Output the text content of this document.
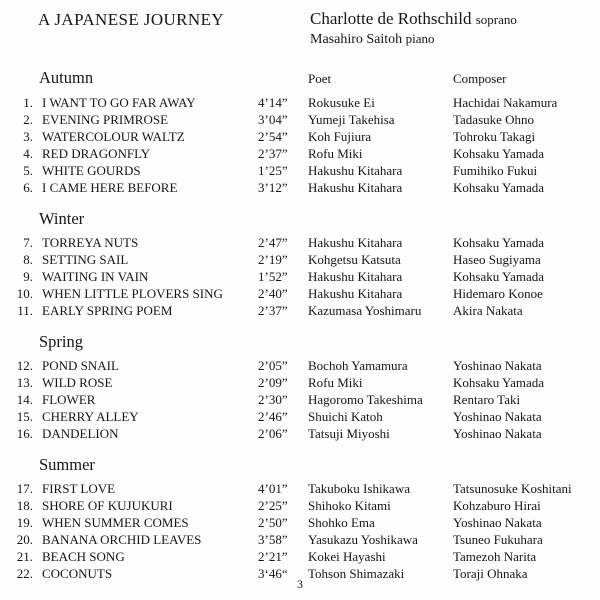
A JAPANESE JOURNEY	Charlotte de Rothschild soprano
Masahiro Saitoh piano
Autumn	Poet	Composer
1. I WANT TO GO FAR AWAY	4’14”	Rokusuke Ei	Hachidai Nakamura
2. EVENING PRIMROSE	3’04”	Yumeji Takehisa	Tadasuke Ohno
3. WATERCOLOUR WALTZ	2’54”	Koh Fujiura	Tohroku Takagi
4. RED DRAGONFLY	2’37”	Rofu Miki	Kohsaku Yamada
5. WHITE GOURDS	1’25”	Hakushu Kitahara	Fumihiko Fukui
6. I CAME HERE BEFORE	3’12”	Hakushu Kitahara	Kohsaku Yamada
Winter
7. TORREYA NUTS	2’47”	Hakushu Kitahara	Kohsaku Yamada
8. SETTING SAIL	2’19”	Kohgetsu Katsuta	Haseo Sugiyama
9. WAITING IN VAIN	1’52”	Hakushu Kitahara	Kohsaku Yamada
10. WHEN LITTLE PLOVERS SING	2’40”	Hakushu Kitahara	Hidemaro Konoe
11. EARLY SPRING POEM	2’37”	Kazumasa Yoshimaru	Akira Nakata
Spring
12. POND SNAIL	2’05”	Bochoh Yamamura	Yoshinao Nakata
13. WILD ROSE	2’09”	Rofu Miki	Kohsaku Yamada
14. FLOWER	2’30”	Hagoromo Takeshima	Rentaro Taki
15. CHERRY ALLEY	2’46”	Shuichi Katoh	Yoshinao Nakata
16. DANDELION	2’06”	Tatsuji Miyoshi	Yoshinao Nakata
Summer
17. FIRST LOVE	4’01”	Takuboku Ishikawa	Tatsunosuke Koshitani
18. SHORE OF KUJUKURI	2’25”	Shihoko Kitami	Kohzaburo Hirai
19. WHEN SUMMER COMES	2’50”	Shohko Ema	Yoshinao Nakata
20. BANANA ORCHID LEAVES	3’58”	Yasukazu Yoshikawa	Tsuneo Fukuhara
21. BEACH SONG	2’21”	Kokei Hayashi	Tamezoh Narita
22. COCONUTS	3‘46“	Tohson Shimazaki	Toraji Ohnaka
3
